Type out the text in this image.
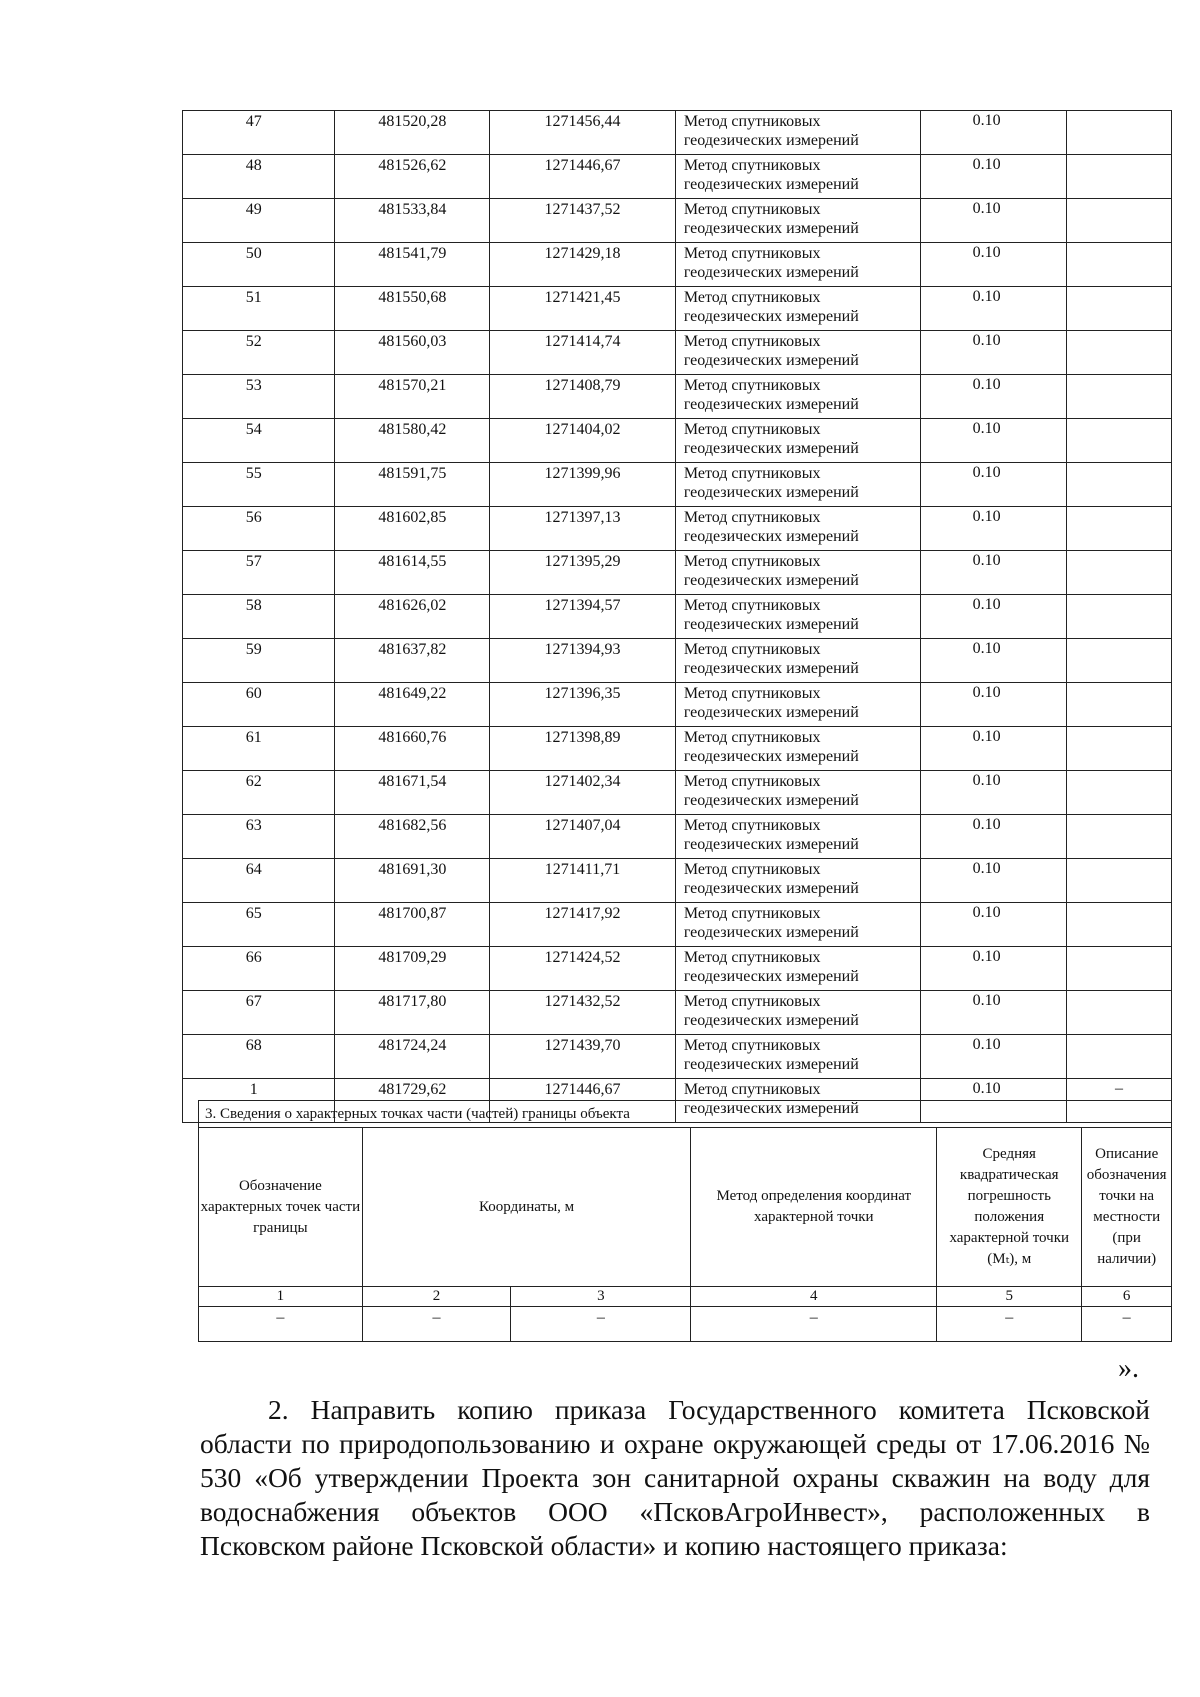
47	481520,28	1271456,44	Метод спутниковых геодезических измерений	0.10	
48	481526,62	1271446,67	Метод спутниковых геодезических измерений	0.10	
49	481533,84	1271437,52	Метод спутниковых геодезических измерений	0.10	
50	481541,79	1271429,18	Метод спутниковых геодезических измерений	0.10	
51	481550,68	1271421,45	Метод спутниковых геодезических измерений	0.10	
52	481560,03	1271414,74	Метод спутниковых геодезических измерений	0.10	
53	481570,21	1271408,79	Метод спутниковых геодезических измерений	0.10	
54	481580,42	1271404,02	Метод спутниковых геодезических измерений	0.10	
55	481591,75	1271399,96	Метод спутниковых геодезических измерений	0.10	
56	481602,85	1271397,13	Метод спутниковых геодезических измерений	0.10	
57	481614,55	1271395,29	Метод спутниковых геодезических измерений	0.10	
58	481626,02	1271394,57	Метод спутниковых геодезических измерений	0.10	
59	481637,82	1271394,93	Метод спутниковых геодезических измерений	0.10	
60	481649,22	1271396,35	Метод спутниковых геодезических измерений	0.10	
61	481660,76	1271398,89	Метод спутниковых геодезических измерений	0.10	
62	481671,54	1271402,34	Метод спутниковых геодезических измерений	0.10	
63	481682,56	1271407,04	Метод спутниковых геодезических измерений	0.10	
64	481691,30	1271411,71	Метод спутниковых геодезических измерений	0.10	
65	481700,87	1271417,92	Метод спутниковых геодезических измерений	0.10	
66	481709,29	1271424,52	Метод спутниковых геодезических измерений	0.10	
67	481717,80	1271432,52	Метод спутниковых геодезических измерений	0.10	
68	481724,24	1271439,70	Метод спутниковых геодезических измерений	0.10	
1	481729,62	1271446,67	Метод спутниковых геодезических измерений	0.10	–
3. Сведения о характерных точках части (частей) границы объекта					
Обозначение характерных точек части границы	Координаты, м		Метод определения координат характерной точки	Средняя квадратическая погрешность положения характерной точки (Mₜ), м	Описание обозначения точки на местности (при наличии)
1	2	3	4	5	6
–	–	–	–	–	–
».
2. Направить копию приказа Государственного комитета Псковской области по природопользованию и охране окружающей среды от 17.06.2016 № 530 «Об утверждении Проекта зон санитарной охраны скважин на воду для водоснабжения объектов ООО «ПсковАгроИнвест», расположенных в Псковском районе Псковской области» и копию настоящего приказа:
